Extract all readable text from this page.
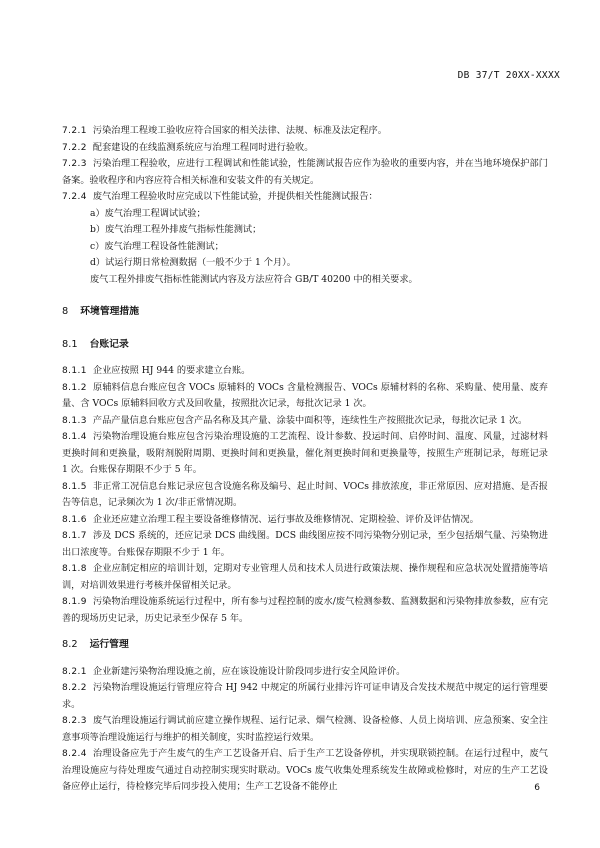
DB 37/T 20XX-XXXX

7.2.1 污染治理工程竣工验收应符合国家的相关法律、法规、标准及法定程序。

7.2.2 配套建设的在线监测系统应与治理工程同时进行验收。

7.2.3 污染治理工程验收，应进行工程调试和性能试验，性能测试报告应作为验收的重要内容，并在当地环境保护部门备案。验收程序和内容应符合相关标准和安装文件的有关规定。

7.2.4 废气治理工程验收时应完成以下性能试验，并提供相关性能测试报告：

a）废气治理工程调试试验；
b）废气治理工程外排废气指标性能测试；
c）废气治理工程设备性能测试；
d）试运行期日常检测数据（一般不少于 1 个月）。
废气工程外排废气指标性能测试内容及方法应符合 GB/T 40200 中的相关要求。
8 环境管理措施
8.1 台账记录

8.1.1 企业应按照 HJ 944 的要求建立台账。

8.1.2 原辅料信息台账应包含 VOCs 原辅料的 VOCs 含量检测报告、VOCs 原辅材料的名称、采购量、使用量、废弃量、含 VOCs 原辅料回收方式及回收量，按照批次记录，每批次记录 1 次。

8.1.3 产品产量信息台账应包含产品名称及其产量、涂装中面积等，连续性生产按照批次记录，每批次记录 1 次。

8.1.4 污染物治理设施台账应包含污染治理设施的工艺流程、设计参数、投运时间、启停时间、温度、风量，过滤材料更换时间和更换量，吸附剂脱附周期、更换时间和更换量，催化剂更换时间和更换量等，按照生产班制记录，每班记录 1 次。台账保存期限不少于 5 年。

8.1.5 非正常工况信息台账记录应包含设施名称及编号、起止时间、VOCs 排放浓度，非正常原因、应对措施、是否报告等信息，记录频次为 1 次/非正常情况期。

8.1.6 企业还应建立治理工程主要设备维修情况、运行事故及维修情况、定期检验、评价及评估情况。

8.1.7 涉及 DCS 系统的，还应记录 DCS 曲线图。DCS 曲线图应按不同污染物分别记录，至少包括烟气量、污染物进出口浓度等。台账保存期限不少于 1 年。

8.1.8 企业应制定相应的培训计划，定期对专业管理人员和技术人员进行政策法规、操作规程和应急状况处置措施等培训，对培训效果进行考核并保留相关记录。

8.1.9 污染物治理设施系统运行过程中，所有参与过程控制的废水/废气检测参数、监测数据和污染物排放参数，应有完善的现场历史记录，历史记录至少保存 5 年。

8.2 运行管理

8.2.1 企业新建污染物治理设施之前，应在该设施设计阶段同步进行安全风险评价。

8.2.2 污染物治理设施运行管理应符合 HJ 942 中规定的所属行业排污许可证申请及合发技术规范中规定的运行管理要求。

8.2.3 废气治理设施运行调试前应建立操作规程、运行记录、烟气检测、设备检修、人员上岗培训、应急预案、安全注意事项等治理设施运行与维护的相关制度，实时监控运行效果。

8.2.4 治理设备应先于产生废气的生产工艺设备开启、后于生产工艺设备停机，并实现联锁控制。在运行过程中，废气治理设施应与待处理废气通过自动控制实现实时联动。VOCs 废气收集处理系统发生故障或检修时，对应的生产工艺设备应停止运行，待检修完毕后同步投入使用；生产工艺设备不能停止	6
